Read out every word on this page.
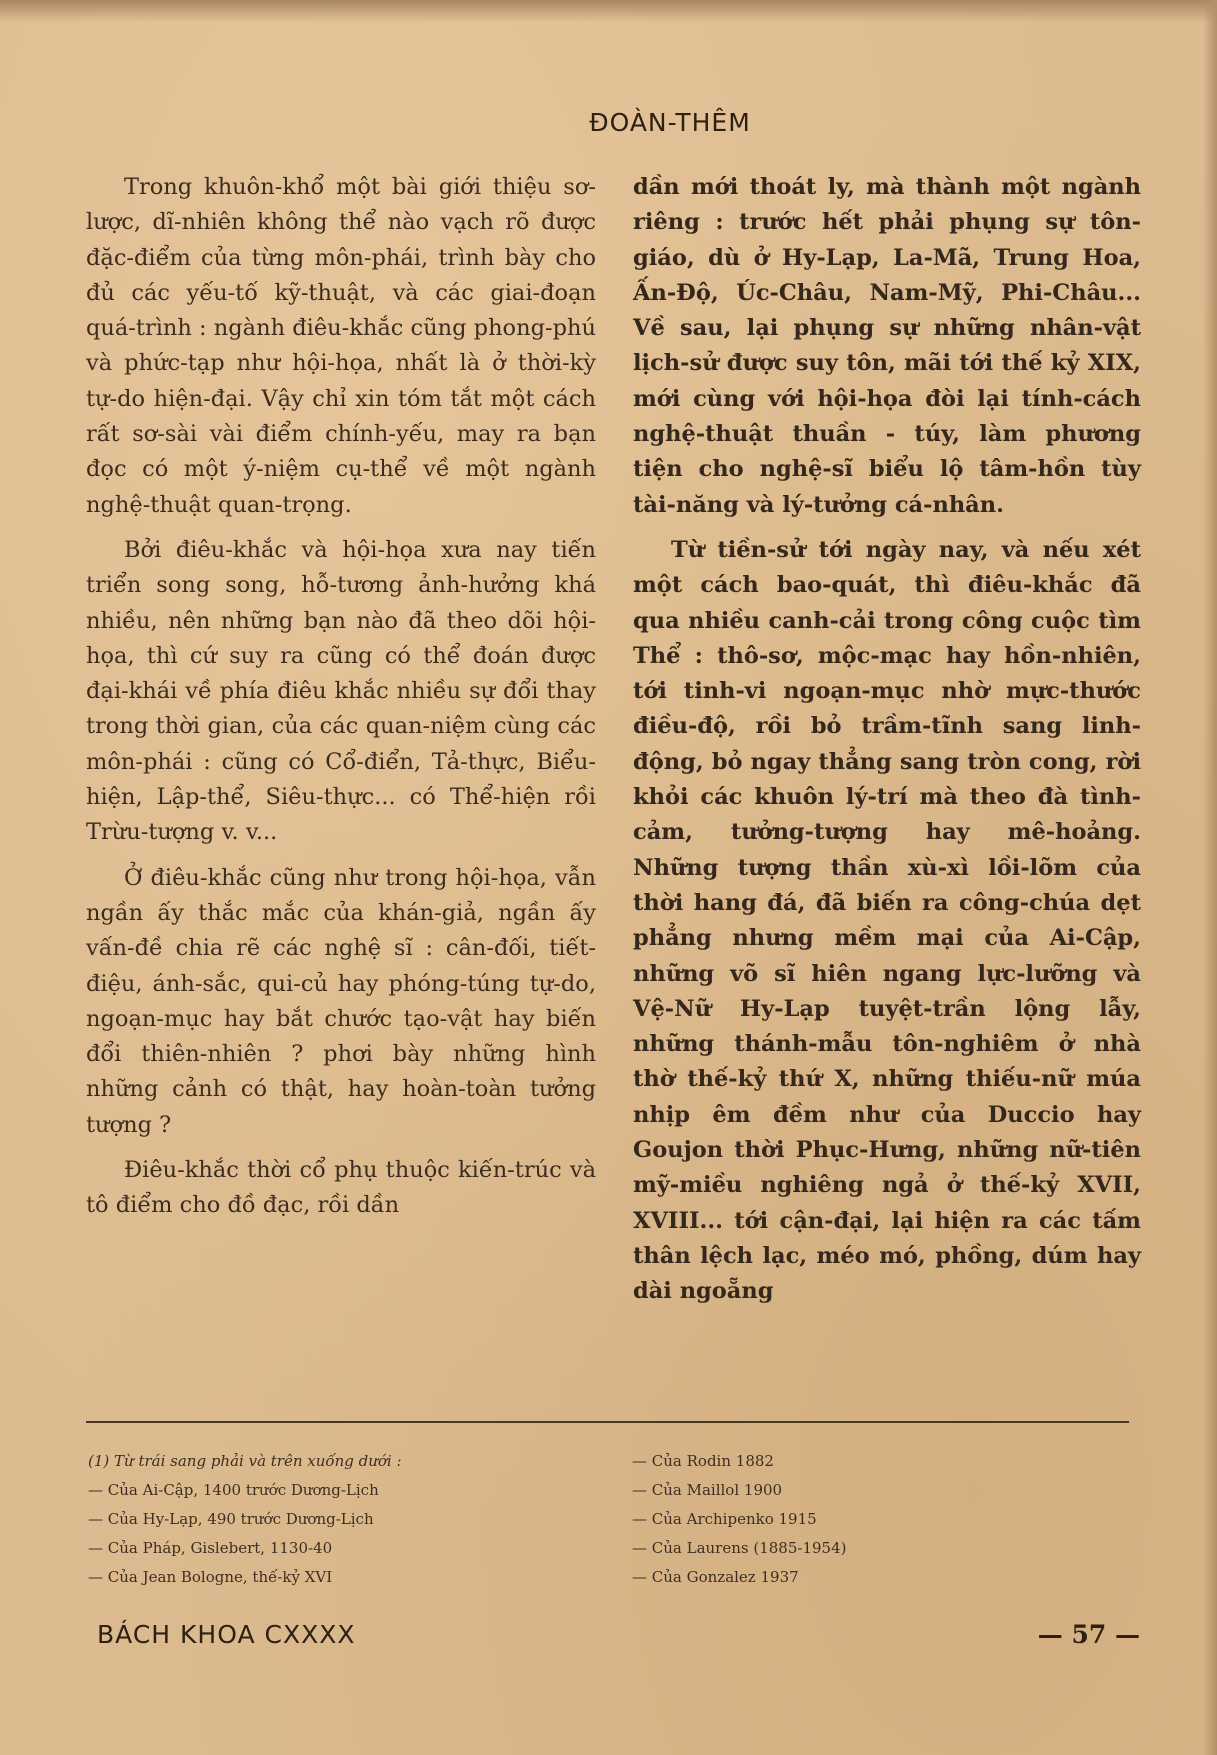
ĐOÀN-THÊM

Trong khuôn-khổ một bài giới thiệu sơ-lược, dĩ-nhiên không thể nào vạch rõ được đặc-điểm của từng môn-phái, trình bày cho đủ các yếu-tố kỹ-thuật, và các giai-đoạn quá-trình : ngành điêu-khắc cũng phong-phú và phức-tạp như hội-họa, nhất là ở thời-kỳ tự-do hiện-đại. Vậy chỉ xin tóm tắt một cách rất sơ-sài vài điểm chính-yếu, may ra bạn đọc có một ý-niệm cụ-thể về một ngành nghệ-thuật quan-trọng.

Bởi điêu-khắc và hội-họa xưa nay tiến triển song song, hỗ-tương ảnh-hưởng khá nhiều, nên những bạn nào đã theo dõi hội-họa, thì cứ suy ra cũng có thể đoán được đại-khái về phía điêu khắc nhiều sự đổi thay trong thời gian, của các quan-niệm cùng các môn-phái : cũng có Cổ-điển, Tả-thực, Biểu-hiện, Lập-thể, Siêu-thực... có Thể-hiện rồi Trừu-tượng v. v...

Ở điêu-khắc cũng như trong hội-họa, vẫn ngần ấy thắc mắc của khán-giả, ngần ấy vấn-đề chia rẽ các nghệ sĩ : cân-đối, tiết-điệu, ánh-sắc, qui-củ hay phóng-túng tự-do, ngoạn-mục hay bắt chước tạo-vật hay biến đổi thiên-nhiên ? phơi bày những hình những cảnh có thật, hay hoàn-toàn tưởng tượng ?

Điêu-khắc thời cổ phụ thuộc kiến-trúc và tô điểm cho đồ đạc, rồi dần

dần mới thoát ly, mà thành một ngành riêng : trước hết phải phụng sự tôn-giáo, dù ở Hy-Lạp, La-Mã, Trung Hoa, Ấn-Độ, Úc-Châu, Nam-Mỹ, Phi-Châu... Về sau, lại phụng sự những nhân-vật lịch-sử được suy tôn, mãi tới thế kỷ XIX, mới cùng với hội-họa đòi lại tính-cách nghệ-thuật thuần - túy, làm phương tiện cho nghệ-sĩ biểu lộ tâm-hồn tùy tài-năng và lý-tưởng cá-nhân.

Từ tiền-sử tới ngày nay, và nếu xét một cách bao-quát, thì điêu-khắc đã qua nhiều canh-cải trong công cuộc tìm Thể : thô-sơ, mộc-mạc hay hồn-nhiên, tới tinh-vi ngoạn-mục nhờ mực-thước điều-độ, rồi bỏ trầm-tĩnh sang linh-động, bỏ ngay thẳng sang tròn cong, rời khỏi các khuôn lý-trí mà theo đà tình-cảm, tưởng-tượng hay mê-hoảng. Những tượng thần xù-xì lồi-lõm của thời hang đá, đã biến ra công-chúa dẹt phẳng nhưng mềm mại của Ai-Cập, những võ sĩ hiên ngang lực-lưỡng và Vệ-Nữ Hy-Lạp tuyệt-trần lộng lẫy, những thánh-mẫu tôn-nghiêm ở nhà thờ thế-kỷ thứ X, những thiếu-nữ múa nhịp êm đềm như của Duccio hay Goujon thời Phục-Hưng, những nữ-tiên mỹ-miều nghiêng ngả ở thế-kỷ XVII, XVIII... tới cận-đại, lại hiện ra các tấm thân lệch lạc, méo mó, phồng, dúm hay dài ngoẵng

(1) Từ trái sang phải và trên xuống dưới :
— Của Ai-Cập, 1400 trước Dương-Lịch
— Của Hy-Lạp, 490 trước Dương-Lịch
— Của Pháp, Gislebert, 1130-40
— Của Jean Bologne, thế-kỷ XVI
— Của Rodin 1882
— Của Maillol 1900
— Của Archipenko 1915
— Của Laurens (1885-1954)
— Của Gonzalez 1937
BÁCH KHOA CXXXX	— 57 —
